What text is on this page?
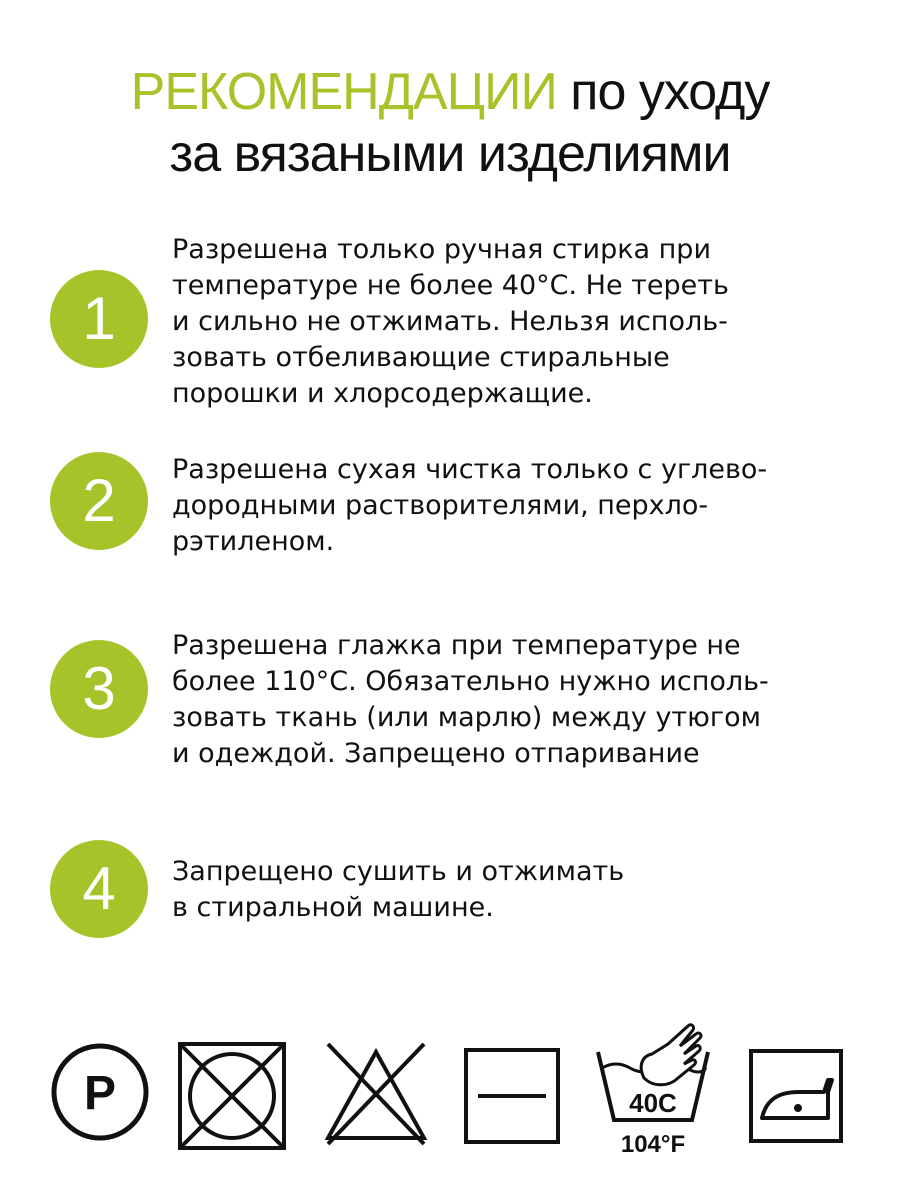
РЕКОМЕНДАЦИИ по уходу
за вязаными изделиями
1
Разрешена только ручная стирка при
температуре не более 40°С. Не тереть
и сильно не отжимать. Нельзя исполь-
зовать отбеливающие стиральные
порошки и хлорсодержащие.
2	Разрешена сухая чистка только с углево-
дородными растворителями, перхло-
рэтиленом.
3
Разрешена глажка при температуре не
более 110°С. Обязательно нужно исполь-
зовать ткань (или марлю) между утюгом
и одеждой. Запрещено отпаривание
4	Запрещено сушить и отжимать
в стиральной машине.
P	40C
104°F
